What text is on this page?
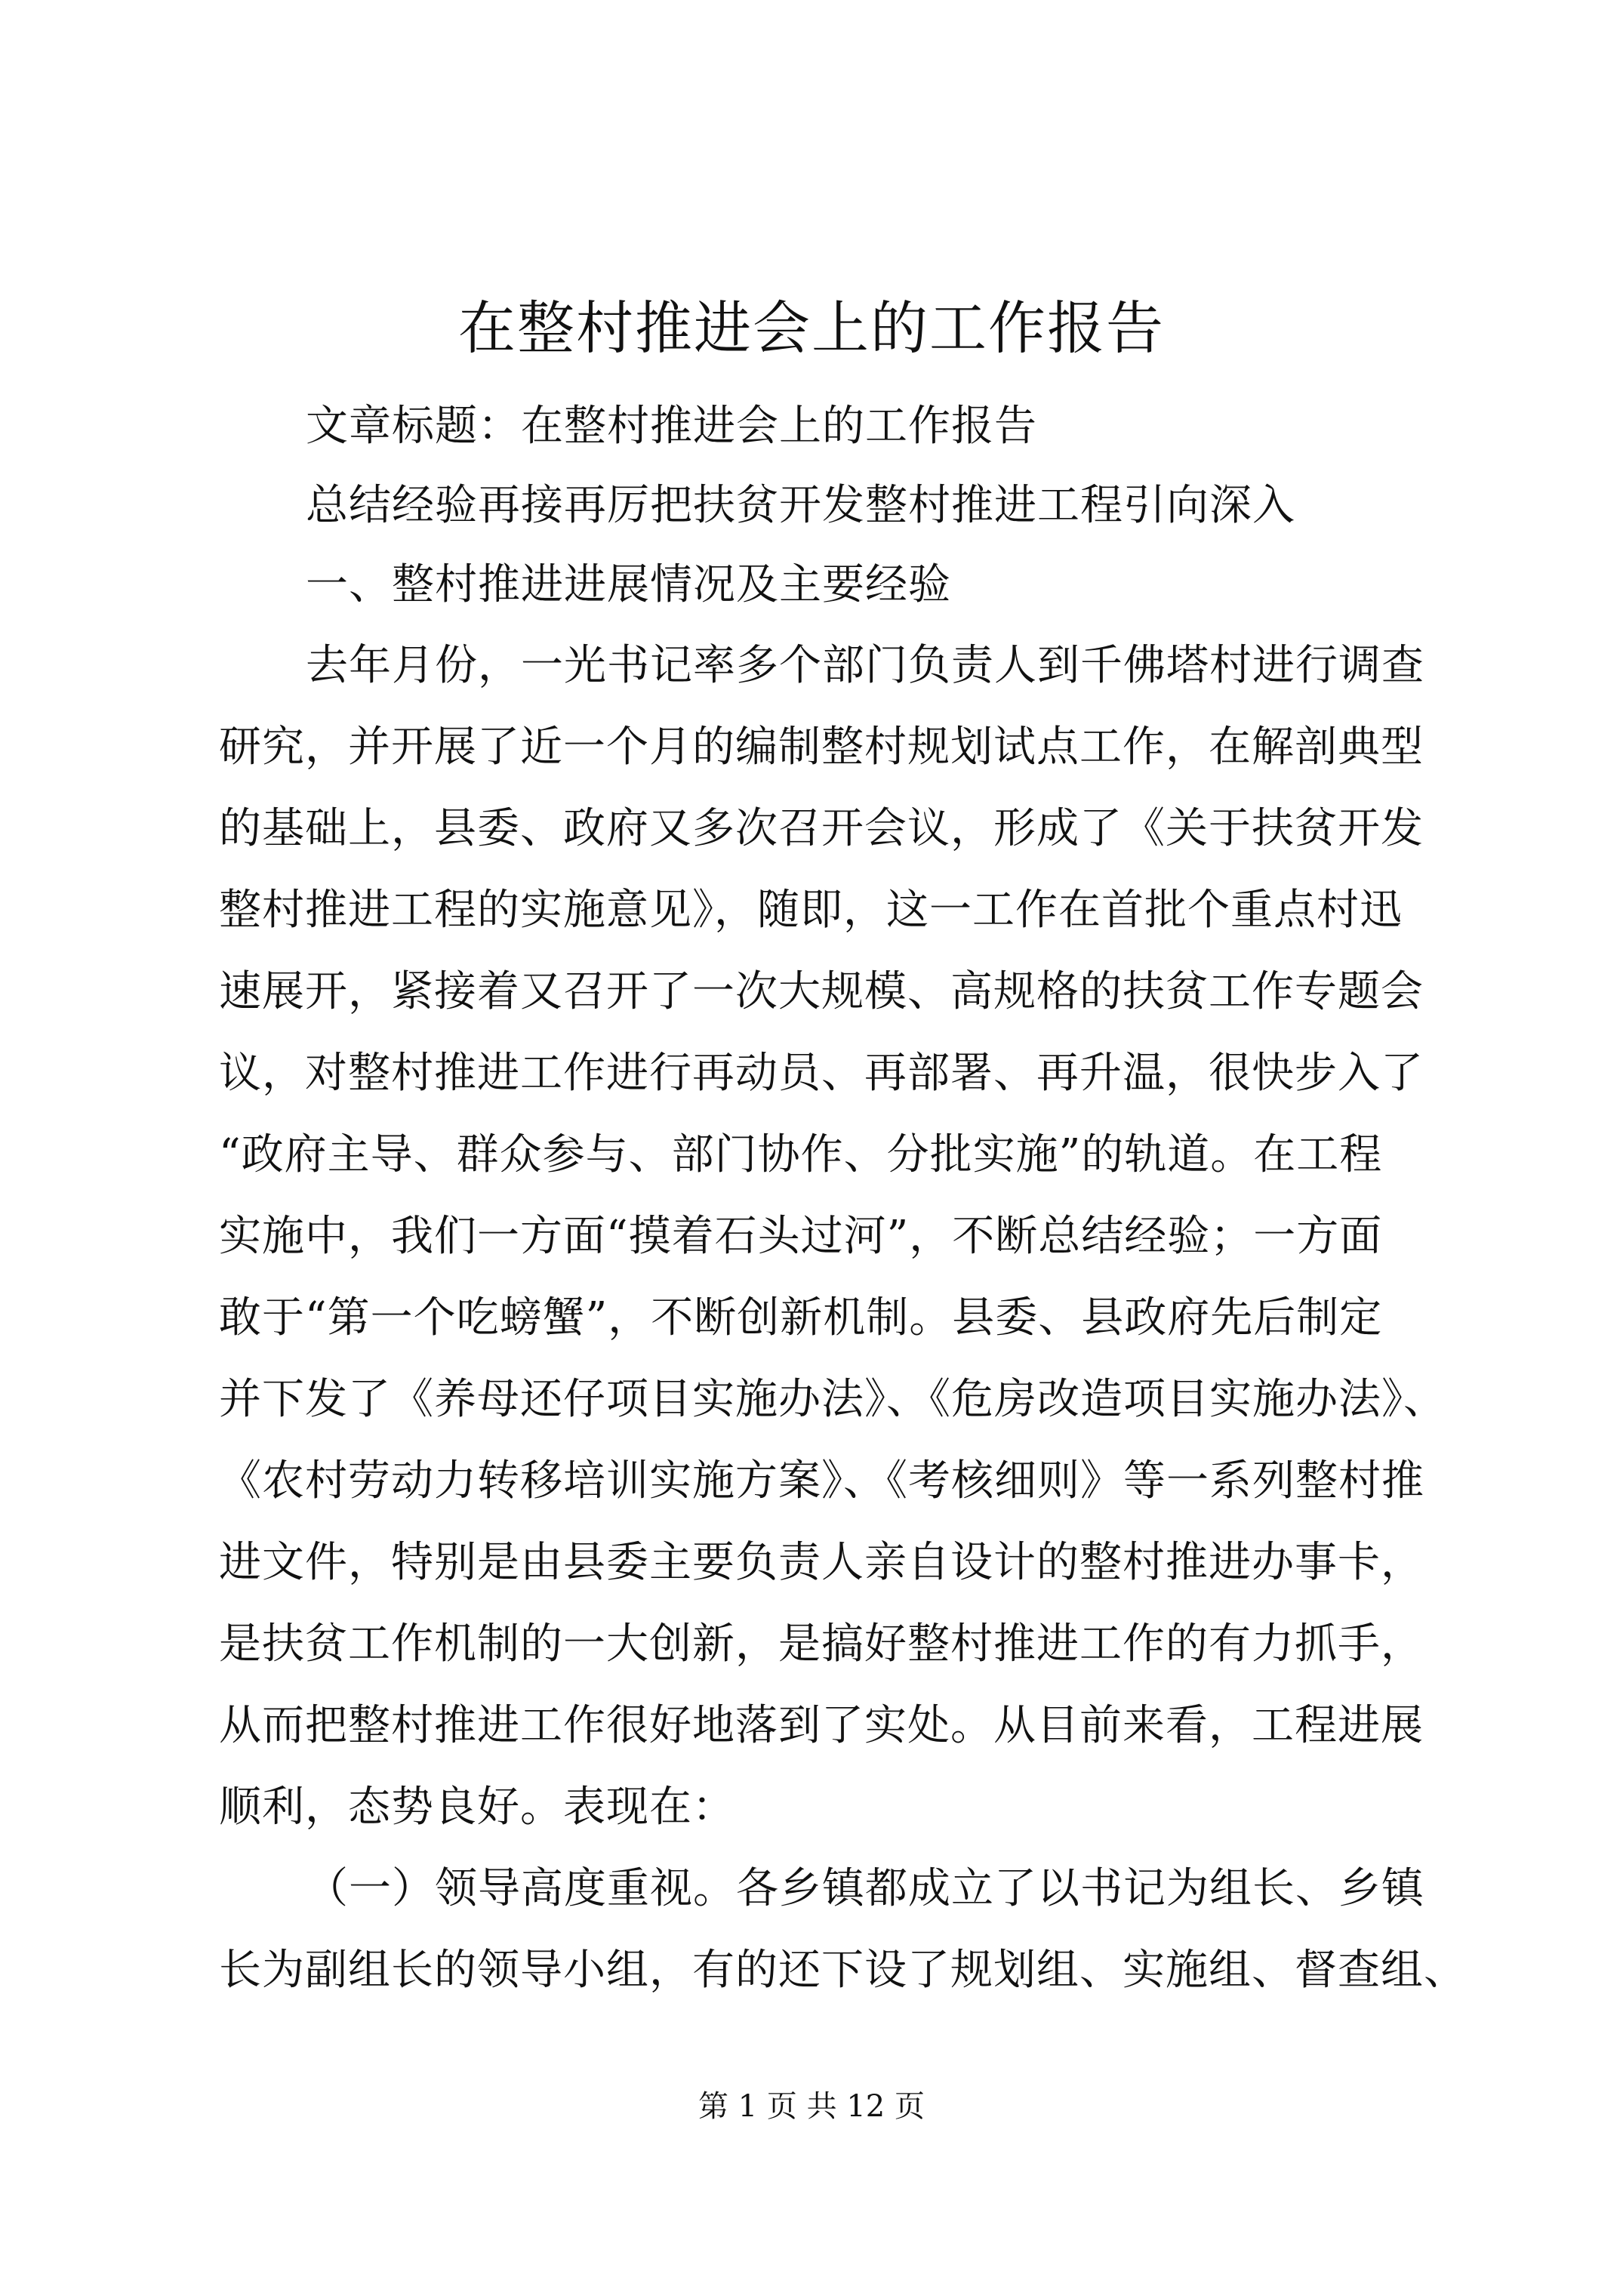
在整村推进会上的工作报告

文章标题：在整村推进会上的工作报告

总结经验再接再厉把扶贫开发整村推进工程引向深入

一、整村推进进展情况及主要经验

去年月份，一光书记率多个部门负责人到千佛塔村进行调查

研究，并开展了近一个月的编制整村规划试点工作，在解剖典型

的基础上，县委、政府又多次召开会议，形成了《关于扶贫开发

整村推进工程的实施意见》，随即，这一工作在首批个重点村迅

速展开，紧接着又召开了一次大规模、高规格的扶贫工作专题会

议，对整村推进工作进行再动员、再部署、再升温，很快步入了

“政府主导、群众参与、部门协作、分批实施”的轨道。在工程

实施中，我们一方面“摸着石头过河”，不断总结经验；一方面

敢于“第一个吃螃蟹”，不断创新机制。县委、县政府先后制定

并下发了《养母还仔项目实施办法》、《危房改造项目实施办法》、

《农村劳动力转移培训实施方案》、《考核细则》等一系列整村推

进文件，特别是由县委主要负责人亲自设计的整村推进办事卡，

是扶贫工作机制的一大创新，是搞好整村推进工作的有力抓手，

从而把整村推进工作很好地落到了实处。从目前来看，工程进展

顺利，态势良好。表现在：

（一）领导高度重视。各乡镇都成立了以书记为组长、乡镇

长为副组长的领导小组，有的还下设了规划组、实施组、督查组、

第 1 页 共 12 页
